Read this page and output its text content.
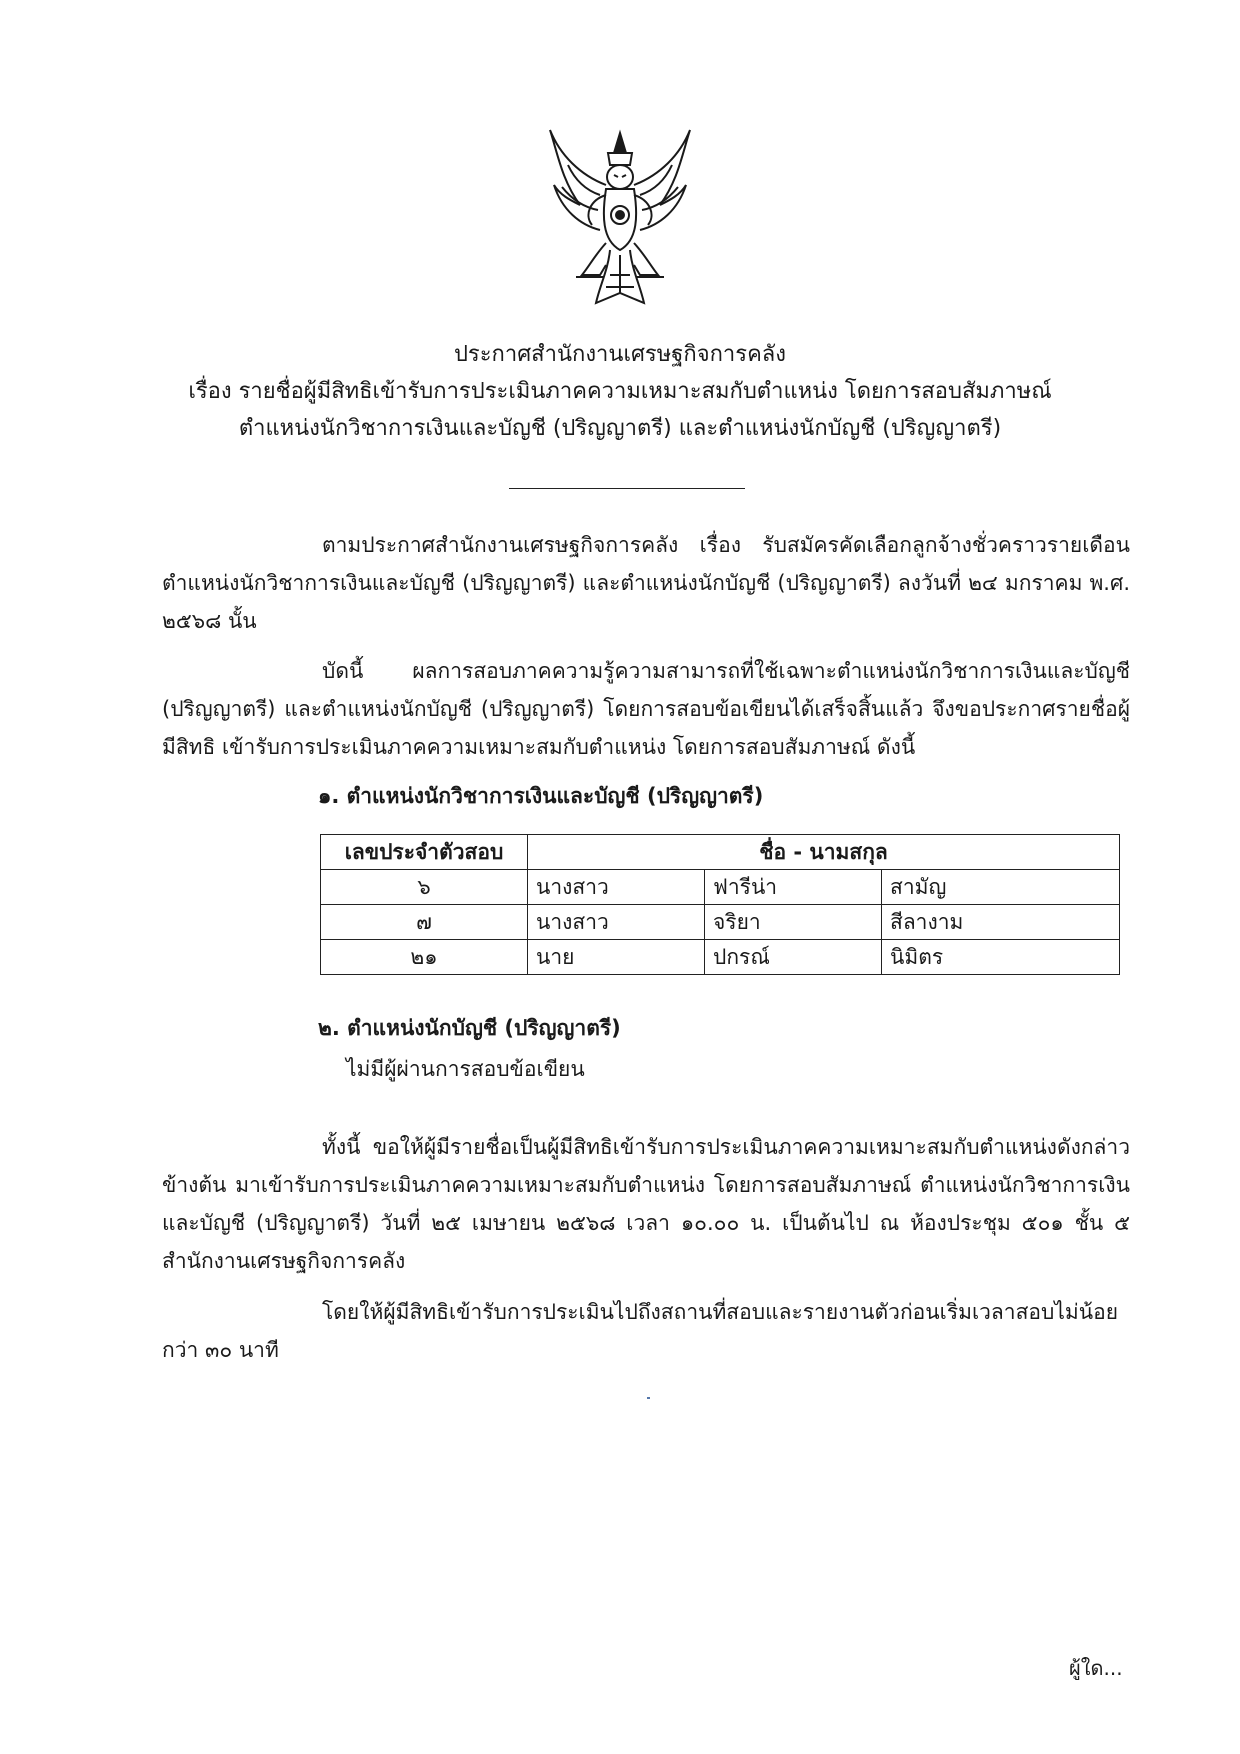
ประกาศสำนักงานเศรษฐกิจการคลัง
เรื่อง รายชื่อผู้มีสิทธิเข้ารับการประเมินภาคความเหมาะสมกับตำแหน่ง โดยการสอบสัมภาษณ์
ตำแหน่งนักวิชาการเงินและบัญชี (ปริญญาตรี) และตำแหน่งนักบัญชี (ปริญญาตรี)
ตามประกาศสำนักงานเศรษฐกิจการคลัง เรื่อง รับสมัครคัดเลือกลูกจ้างชั่วคราวรายเดือน ตำแหน่งนักวิชาการเงินและบัญชี (ปริญญาตรี) และตำแหน่งนักบัญชี (ปริญญาตรี) ลงวันที่ ๒๔ มกราคม พ.ศ. ๒๕๖๘ นั้น
บัดนี้ ผลการสอบภาคความรู้ความสามารถที่ใช้เฉพาะตำแหน่งนักวิชาการเงินและบัญชี (ปริญญาตรี) และตำแหน่งนักบัญชี (ปริญญาตรี) โดยการสอบข้อเขียนได้เสร็จสิ้นแล้ว จึงขอประกาศรายชื่อผู้มีสิทธิ เข้ารับการประเมินภาคความเหมาะสมกับตำแหน่ง โดยการสอบสัมภาษณ์ ดังนี้
๑. ตำแหน่งนักวิชาการเงินและบัญชี (ปริญญาตรี)
เลขประจำตัวสอบ	ชื่อ - นามสกุล		
๖	นางสาว	ฟารีน่า	สามัญ
๗	นางสาว	จริยา	สีลางาม
๒๑	นาย	ปกรณ์	นิมิตร
๒. ตำแหน่งนักบัญชี (ปริญญาตรี)
ไม่มีผู้ผ่านการสอบข้อเขียน
ทั้งนี้ ขอให้ผู้มีรายชื่อเป็นผู้มีสิทธิเข้ารับการประเมินภาคความเหมาะสมกับตำแหน่งดังกล่าว ข้างต้น มาเข้ารับการประเมินภาคความเหมาะสมกับตำแหน่ง โดยการสอบสัมภาษณ์ ตำแหน่งนักวิชาการเงิน และบัญชี (ปริญญาตรี) วันที่ ๒๕ เมษายน ๒๕๖๘ เวลา ๑๐.๐๐ น. เป็นต้นไป ณ ห้องประชุม ๕๐๑ ชั้น ๕ สำนักงานเศรษฐกิจการคลัง
โดยให้ผู้มีสิทธิเข้ารับการประเมินไปถึงสถานที่สอบและรายงานตัวก่อนเริ่มเวลาสอบไม่น้อยกว่า ๓๐ นาที
ผู้ใด...
